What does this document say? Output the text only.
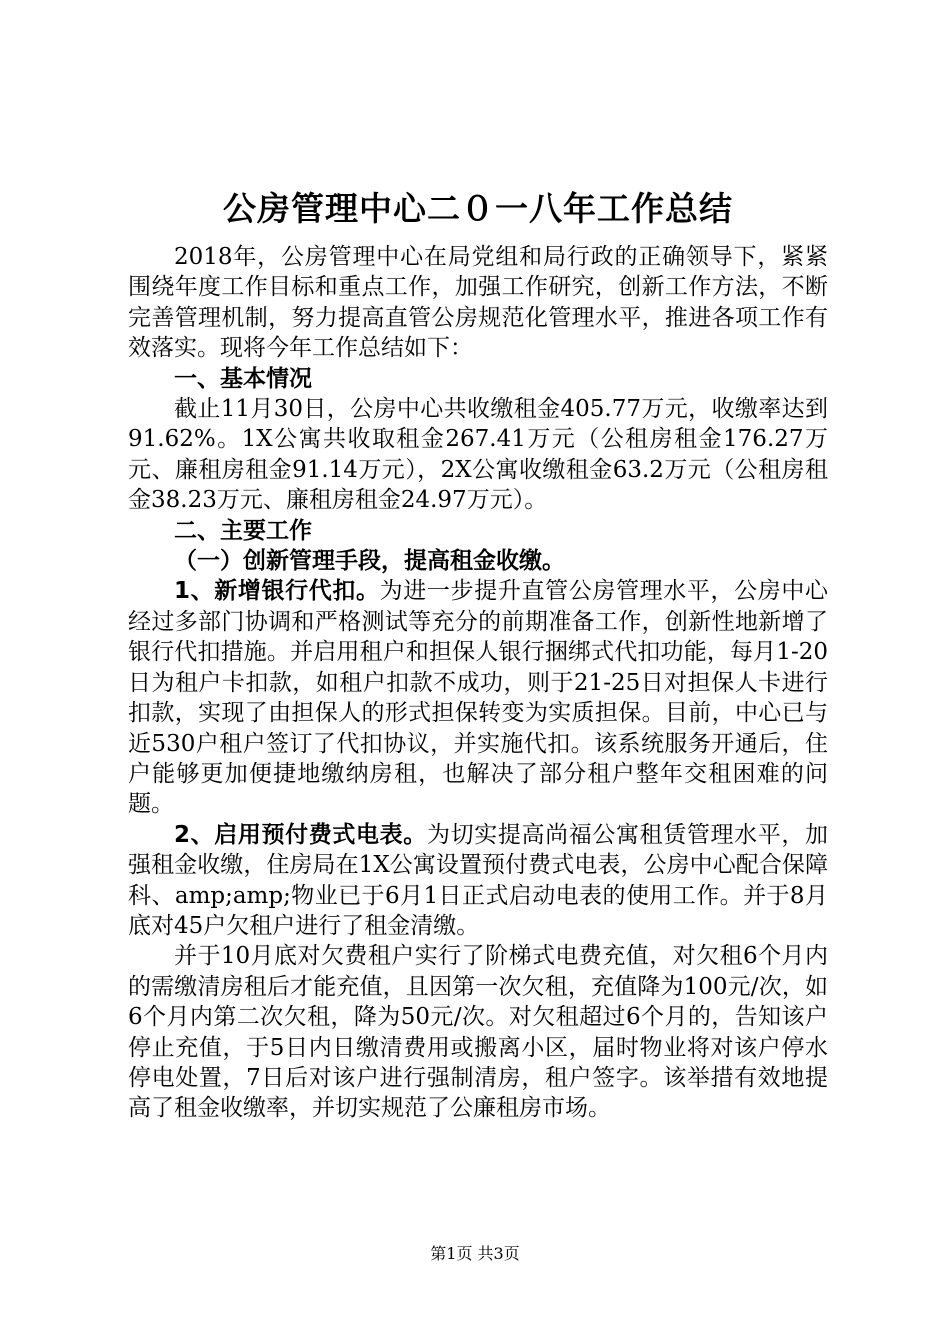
公房管理中心二０一八年工作总结

2018年，公房管理中心在局党组和局行政的正确领导下，紧紧围绕年度工作目标和重点工作，加强工作研究，创新工作方法，不断完善管理机制，努力提高直管公房规范化管理水平，推进各项工作有效落实。现将今年工作总结如下：

一、基本情况

截止11月30日，公房中心共收缴租金405.77万元，收缴率达到91.62%。1X公寓共收取租金267.41万元（公租房租金176.27万元、廉租房租金91.14万元），2X公寓收缴租金63.2万元（公租房租金38.23万元、廉租房租金24.97万元）。

二、主要工作

（一）创新管理手段，提高租金收缴。

1、新增银行代扣。为进一步提升直管公房管理水平，公房中心经过多部门协调和严格测试等充分的前期准备工作，创新性地新增了银行代扣措施。并启用租户和担保人银行捆绑式代扣功能，每月1-20日为租户卡扣款，如租户扣款不成功，则于21-25日对担保人卡进行扣款，实现了由担保人的形式担保转变为实质担保。目前，中心已与近530户租户签订了代扣协议，并实施代扣。该系统服务开通后，住户能够更加便捷地缴纳房租，也解决了部分租户整年交租困难的问题。

2、启用预付费式电表。为切实提高尚福公寓租赁管理水平，加强租金收缴，住房局在1X公寓设置预付费式电表，公房中心配合保障科、amp;amp;物业已于6月1日正式启动电表的使用工作。并于8月底对45户欠租户进行了租金清缴。

并于10月底对欠费租户实行了阶梯式电费充值，对欠租6个月内的需缴清房租后才能充值，且因第一次欠租，充值降为100元/次，如6个月内第二次欠租，降为50元/次。对欠租超过6个月的，告知该户停止充值，于5日内日缴清费用或搬离小区，届时物业将对该户停水停电处置，7日后对该户进行强制清房，租户签字。该举措有效地提高了租金收缴率，并切实规范了公廉租房市场。

第1页 共3页
